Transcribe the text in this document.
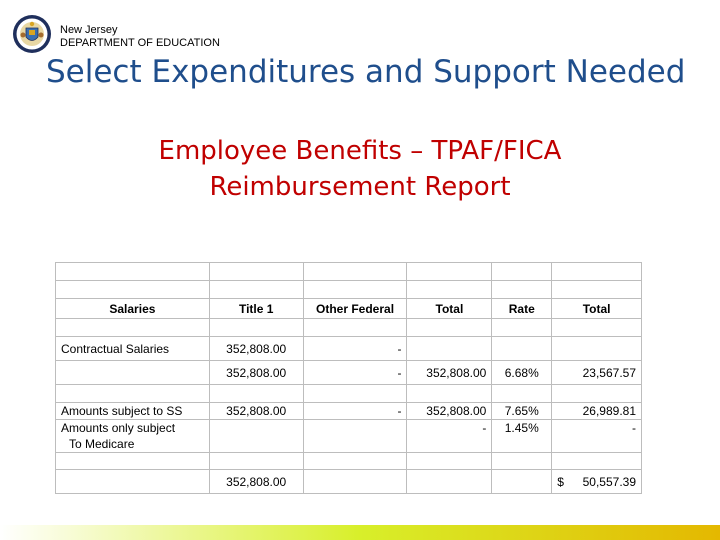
New Jersey
DEPARTMENT OF EDUCATION
Select Expenditures and Support Needed
Employee Benefits – TPAF/FICA
Reimbursement Report

Salaries	Title 1	Other Federal	Total	Rate	Total

Contractual Salaries	352,808.00	-			
	352,808.00	-	352,808.00	6.68%	23,567.57

Amounts subject to SS	352,808.00	-	352,808.00	7.65%	26,989.81
Amounts only subject			-	1.45%	-
To Medicare					

	352,808.00				$ 50,557.39
